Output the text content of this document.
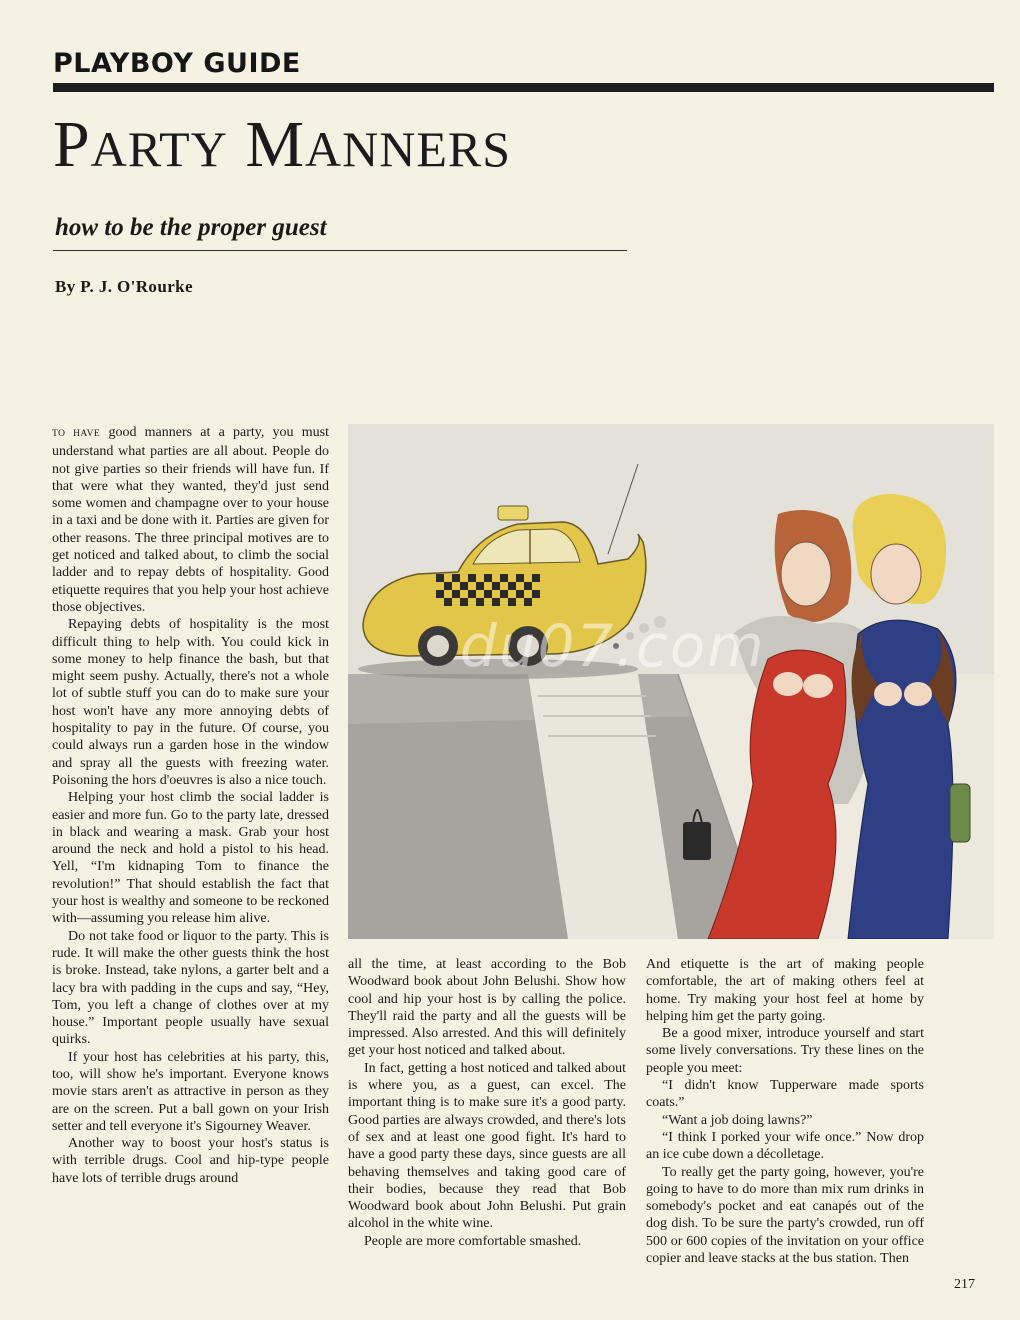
PLAYBOY GUIDE
PARTY MANNERS
how to be the proper guest
By P. J. O'Rourke

TO HAVE good manners at a party, you must understand what parties are all about. People do not give parties so their friends will have fun. If that were what they wanted, they'd just send some women and champagne over to your house in a taxi and be done with it. Parties are given for other reasons. The three principal motives are to get noticed and talked about, to climb the social ladder and to repay debts of hospitality. Good etiquette requires that you help your host achieve those objectives.

Repaying debts of hospitality is the most difficult thing to help with. You could kick in some money to help finance the bash, but that might seem pushy. Actually, there's not a whole lot of subtle stuff you can do to make sure your host won't have any more annoying debts of hospitality to pay in the future. Of course, you could always run a garden hose in the window and spray all the guests with freezing water. Poisoning the hors d'oeuvres is also a nice touch.

Helping your host climb the social ladder is easier and more fun. Go to the party late, dressed in black and wearing a mask. Grab your host around the neck and hold a pistol to his head. Yell, “I'm kidnaping Tom to finance the revolution!” That should establish the fact that your host is wealthy and someone to be reckoned with—assuming you release him alive.

Do not take food or liquor to the party. This is rude. It will make the other guests think the host is broke. Instead, take nylons, a garter belt and a lacy bra with padding in the cups and say, “Hey, Tom, you left a change of clothes over at my house.” Important people usually have sexual quirks.

If your host has celebrities at his party, this, too, will show he's important. Everyone knows movie stars aren't as attractive in person as they are on the screen. Put a ball gown on your Irish setter and tell everyone it's Sigourney Weaver.

Another way to boost your host's status is with terrible drugs. Cool and hip-type people have lots of terrible drugs around

du07.com

all the time, at least according to the Bob Woodward book about John Belushi. Show how cool and hip your host is by calling the police. They'll raid the party and all the guests will be impressed. Also arrested. And this will definitely get your host noticed and talked about.

In fact, getting a host noticed and talked about is where you, as a guest, can excel. The important thing is to make sure it's a good party. Good parties are always crowded, and there's lots of sex and at least one good fight. It's hard to have a good party these days, since guests are all behaving themselves and taking good care of their bodies, because they read that Bob Woodward book about John Belushi. Put grain alcohol in the white wine.

People are more comfortable smashed.

And etiquette is the art of making people comfortable, the art of making others feel at home. Try making your host feel at home by helping him get the party going.

Be a good mixer, introduce yourself and start some lively conversations. Try these lines on the people you meet:

“I didn't know Tupperware made sports coats.”

“Want a job doing lawns?”

“I think I porked your wife once.” Now drop an ice cube down a décolletage.

To really get the party going, however, you're going to have to do more than mix rum drinks in somebody's pocket and eat canapés out of the dog dish. To be sure the party's crowded, run off 500 or 600 copies of the invitation on your office copier and leave stacks at the bus station. Then

217
